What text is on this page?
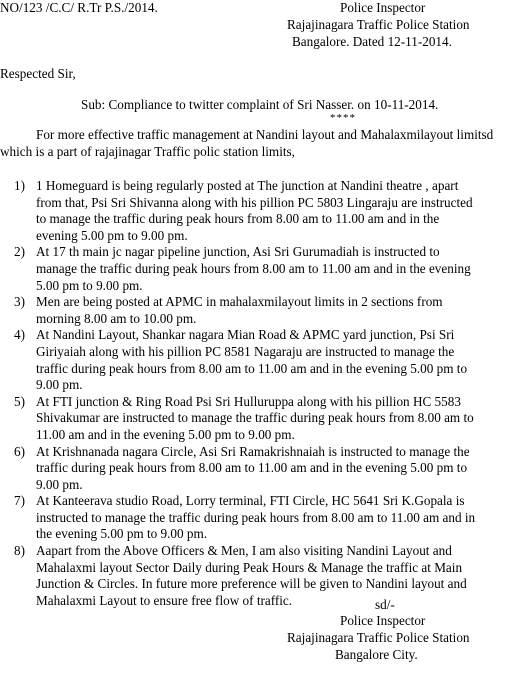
NO/123 /C.C/ R.Tr P.S./2014.	Police Inspector
Rajajinagara Traffic Police Station
Bangalore. Dated 12-11-2014.
Respected Sir,
Sub: Compliance to twitter complaint of Sri Nasser. on 10-11-2014.
****
For more effective traffic management at Nandini layout and Mahalaxmilayout limitsd which is a part of rajajinagar Traffic polic station limits,
1) 1 Homeguard is being regularly posted at The junction at Nandini theatre , apart
from that, Psi Sri Shivanna along with his pillion PC 5803 Lingaraju are instructed
to manage the traffic during peak hours from 8.00 am to 11.00 am and in the
evening 5.00 pm to 9.00 pm.
2) At 17 th main jc nagar pipeline junction, Asi Sri Gurumadiah is instructed to
manage the traffic during peak hours from 8.00 am to 11.00 am and in the evening
5.00 pm to 9.00 pm.
3) Men are being posted at APMC in mahalaxmilayout limits in 2 sections from
morning 8.00 am to 10.00 pm.
4) At Nandini Layout, Shankar nagara Mian Road & APMC yard junction, Psi Sri
Giriyaiah along with his pillion PC 8581 Nagaraju are instructed to manage the
traffic during peak hours from 8.00 am to 11.00 am and in the evening 5.00 pm to
9.00 pm.
5) At FTI junction & Ring Road Psi Sri Hulluruppa along with his pillion HC 5583
Shivakumar are instructed to manage the traffic during peak hours from 8.00 am to
11.00 am and in the evening 5.00 pm to 9.00 pm.
6) At Krishnanada nagara Circle, Asi Sri Ramakrishnaiah is instructed to manage the
traffic during peak hours from 8.00 am to 11.00 am and in the evening 5.00 pm to
9.00 pm.
7) At Kanteerava studio Road, Lorry terminal, FTI Circle, HC 5641 Sri K.Gopala is
instructed to manage the traffic during peak hours from 8.00 am to 11.00 am and in
the evening 5.00 pm to 9.00 pm.
8) Aapart from the Above Officers & Men, I am also visiting Nandini Layout and
Mahalaxmi layout Sector Daily during Peak Hours & Manage the traffic at Main
Junction & Circles. In future more preference will be given to Nandini layout and
Mahalaxmi Layout to ensure free flow of traffic.	sd/-
Police Inspector
Rajajinagara Traffic Police Station
Bangalore City.
